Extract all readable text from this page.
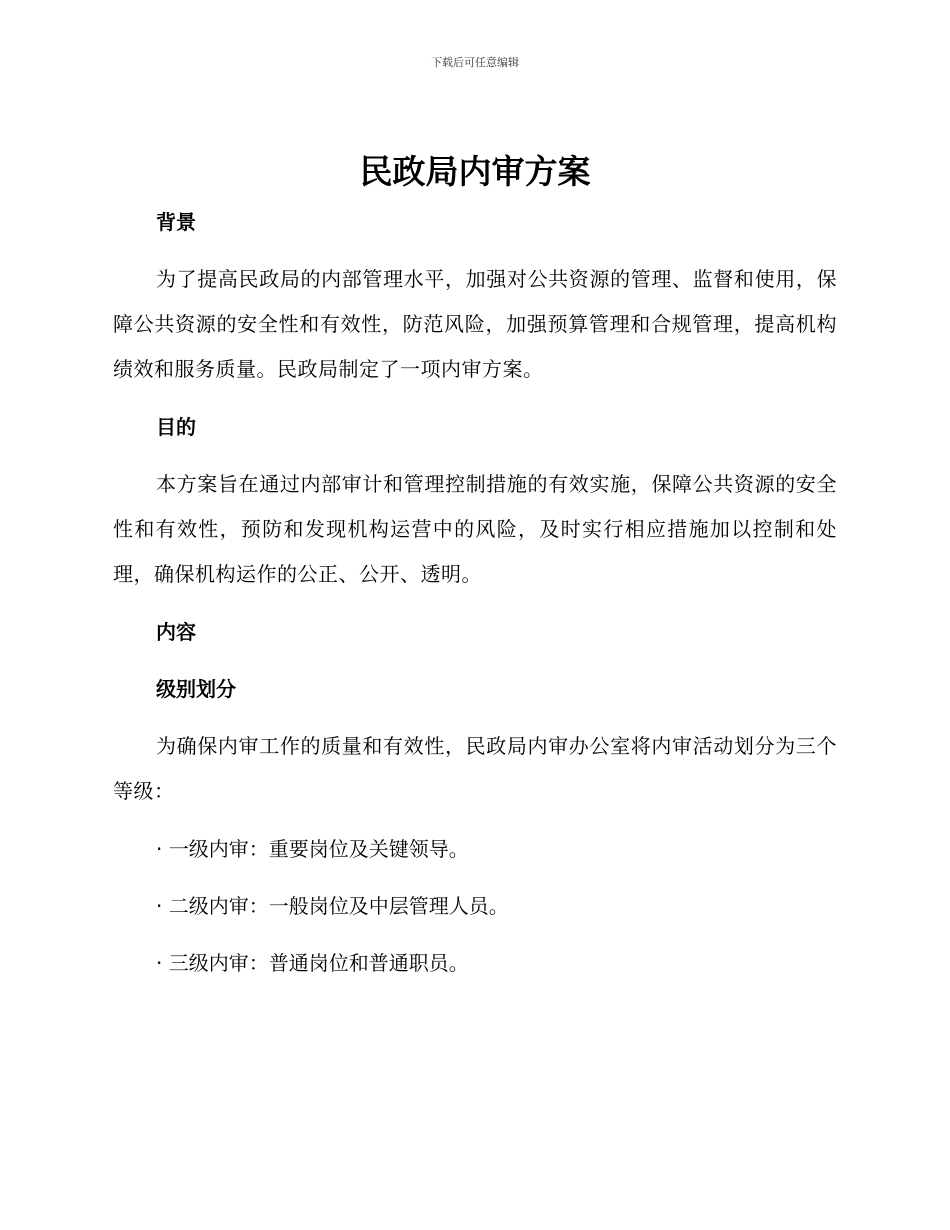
下载后可任意编辑
民政局内审方案
背景

为了提高民政局的内部管理水平，加强对公共资源的管理、监督和使用，保障公共资源的安全性和有效性，防范风险，加强预算管理和合规管理，提高机构绩效和服务质量。民政局制定了一项内审方案。

目的

本方案旨在通过内部审计和管理控制措施的有效实施，保障公共资源的安全性和有效性，预防和发现机构运营中的风险，及时实行相应措施加以控制和处理，确保机构运作的公正、公开、透明。

内容
级别划分

为确保内审工作的质量和有效性，民政局内审办公室将内审活动划分为三个等级：

· 一级内审：重要岗位及关键领导。

· 二级内审：一般岗位及中层管理人员。

· 三级内审：普通岗位和普通职员。
